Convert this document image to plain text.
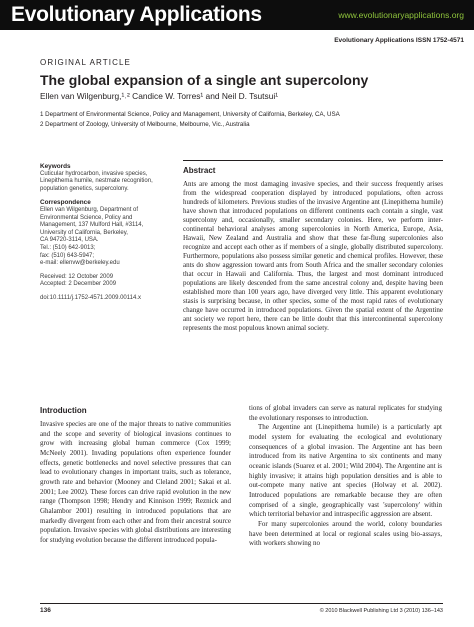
Evolutionary Applications	www.evolutionaryapplications.org
Evolutionary Applications ISSN 1752-4571
ORIGINAL ARTICLE
The global expansion of a single ant supercolony
Ellen van Wilgenburg,¹˒² Candice W. Torres¹ and Neil D. Tsutsui¹
1 Department of Environmental Science, Policy and Management, University of California, Berkeley, CA, USA
2 Department of Zoology, University of Melbourne, Melbourne, Vic., Australia
Keywords
Cuticular hydrocarbon, invasive species,
Linepithema humile, nestmate recognition,
population genetics, supercolony.
Correspondence
Ellen van Wilgenburg, Department of
Environmental Science, Policy and
Management, 137 Mulford Hall, #3114,
University of California, Berkeley,
CA 94720-3114, USA.
Tel.: (510) 642-9013;
fax: (510) 643-5947;
e-mail: ellenvw@berkeley.edu
Received: 12 October 2009
Accepted: 2 December 2009
doi:10.1111/j.1752-4571.2009.00114.x
Abstract
Ants are among the most damaging invasive species, and their success frequently arises from the widespread cooperation displayed by introduced populations, often across hundreds of kilometers. Previous studies of the invasive Argentine ant (Linepithema humile) have shown that introduced populations on different continents each contain a single, vast supercolony and, occasionally, smaller secondary colonies. Here, we perform inter-continental behavioral analyses among supercolonies in North America, Europe, Asia, Hawaii, New Zealand and Australia and show that these far-flung supercolonies also recognize and accept each other as if members of a single, globally distributed supercolony. Furthermore, populations also possess similar genetic and chemical profiles. However, these ants do show aggression toward ants from South Africa and the smaller secondary colonies that occur in Hawaii and California. Thus, the largest and most dominant introduced populations are likely descended from the same ancestral colony and, despite having been established more than 100 years ago, have diverged very little. This apparent evolutionary stasis is surprising because, in other species, some of the most rapid rates of evolutionary change have occurred in introduced populations. Given the spatial extent of the Argentine ant society we report here, there can be little doubt that this intercontinental supercolony represents the most populous known animal society.
Introduction

Invasive species are one of the major threats to native communities and the scope and severity of biological invasions continues to grow with increasing global human commerce (Cox 1999; McNeely 2001). Invading populations often experience founder effects, genetic bottlenecks and novel selective pressures that can lead to evolutionary changes in important traits, such as tolerance, growth rate and behavior (Mooney and Cleland 2001; Sakai et al. 2001; Lee 2002). These forces can drive rapid evolution in the new range (Thompson 1998; Hendry and Kinnison 1999; Reznick and Ghalambor 2001) resulting in introduced populations that are markedly divergent from each other and from their ancestral source population. Invasive species with global distributions are interesting for studying evolution because the different introduced popula-

tions of global invaders can serve as natural replicates for studying the evolutionary responses to introduction.

The Argentine ant (Linepithema humile) is a particularly apt model system for evaluating the ecological and evolutionary consequences of a global invasion. The Argentine ant has been introduced from its native Argentina to six continents and many oceanic islands (Suarez et al. 2001; Wild 2004). The Argentine ant is highly invasive; it attains high population densities and is able to out-compete many native ant species (Holway et al. 2002). Introduced populations are remarkable because they are often comprised of a single, geographically vast 'supercolony' within which territorial behavior and intraspecific aggression are absent.

For many supercolonies around the world, colony boundaries have been determined at local or regional scales using bio-assays, with workers showing no

136	© 2010 Blackwell Publishing Ltd 3 (2010) 136–143
